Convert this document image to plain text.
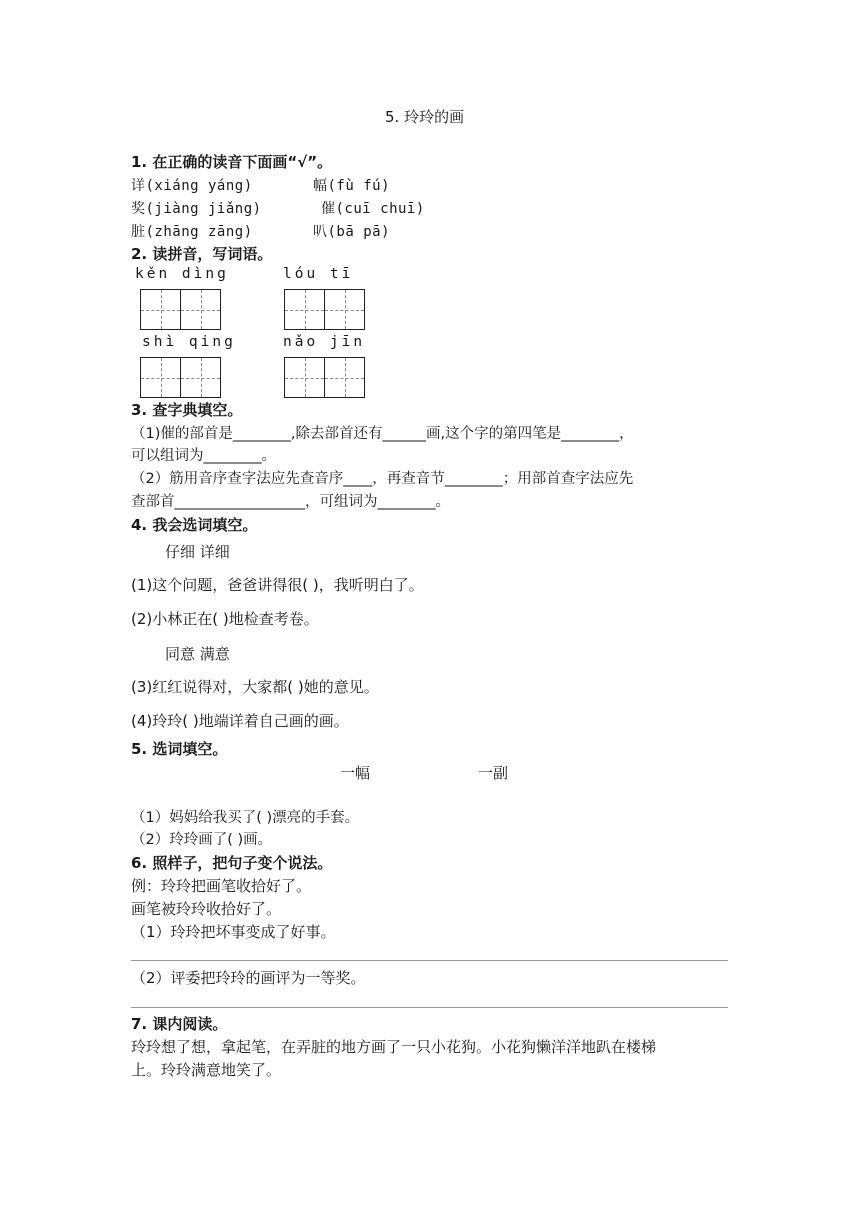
5. 玲玲的画
1. 在正确的读音下面画“√”。
详(xiáng yáng)	幅(fù fú)
奖(jiàng jiǎng)	催(cuī chuī)
脏(zhāng zāng)	叭(bā pā)
2. 读拼音，写词语。
kěn dìng	lóu tī
shì qing	nǎo jīn
3. 查字典填空。
（1)催的部首是________,除去部首还有______画,这个字的第四笔是________，
可以组词为________。
（2）筋用音序查字法应先查音序____，再查音节________；用部首查字法应先
查部首__________________，可组词为________。
4. 我会选词填空。
仔细 详细
(1)这个问题，爸爸讲得很( )，我听明白了。
(2)小林正在( )地检查考卷。
同意 满意
(3)红红说得对，大家都( )她的意见。
(4)玲玲( )地端详着自己画的画。
5. 选词填空。
一幅	一副
（1）妈妈给我买了( )漂亮的手套。
（2）玲玲画了( )画。
6. 照样子，把句子变个说法。
例：玲玲把画笔收拾好了。
画笔被玲玲收拾好了。
（1）玲玲把坏事变成了好事。
（2）评委把玲玲的画评为一等奖。
7. 课内阅读。
玲玲想了想，拿起笔，在弄脏的地方画了一只小花狗。小花狗懒洋洋地趴在楼梯
上。玲玲满意地笑了。
